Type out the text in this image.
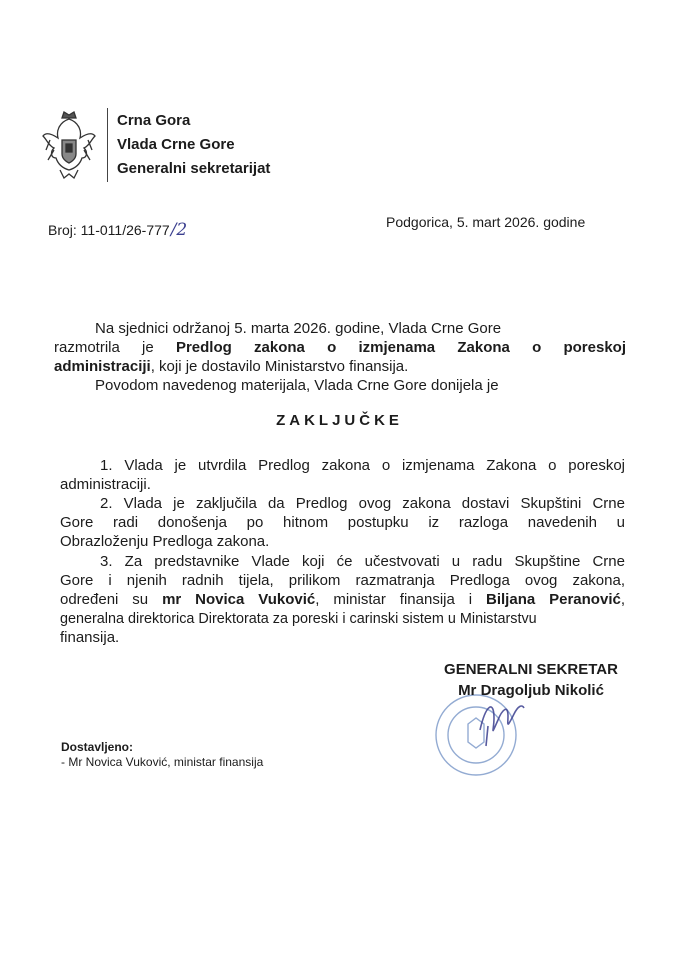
Crna Gora
Vlada Crne Gore
Generalni sekretarijat
Broj: 11-011/26-777/2	Podgorica, 5. mart 2026. godine
Na sjednici održanoj 5. marta 2026. godine, Vlada Crne Gore
razmotrila je Predlog zakona o izmjenama Zakona o poreskoj
administraciji, koji je dostavilo Ministarstvo finansija.
Povodom navedenog materijala, Vlada Crne Gore donijela je
ZAKLJUČKE
1. Vlada je utvrdila Predlog zakona o izmjenama Zakona o poreskoj
administraciji.
2. Vlada je zaključila da Predlog ovog zakona dostavi Skupštini Crne
Gore radi donošenja po hitnom postupku iz razloga navedenih u
Obrazloženju Predloga zakona.
3. Za predstavnike Vlade koji će učestvovati u radu Skupštine Crne
Gore i njenih radnih tijela, prilikom razmatranja Predloga ovog zakona,
određeni su mr Novica Vuković, ministar finansija i Biljana Peranović,
generalna direktorica Direktorata za poreski i carinski sistem u Ministarstvu
finansija.
GENERALNI SEKRETAR
Mr Dragoljub Nikolić
Dostavljeno:
- Mr Novica Vuković, ministar finansija
